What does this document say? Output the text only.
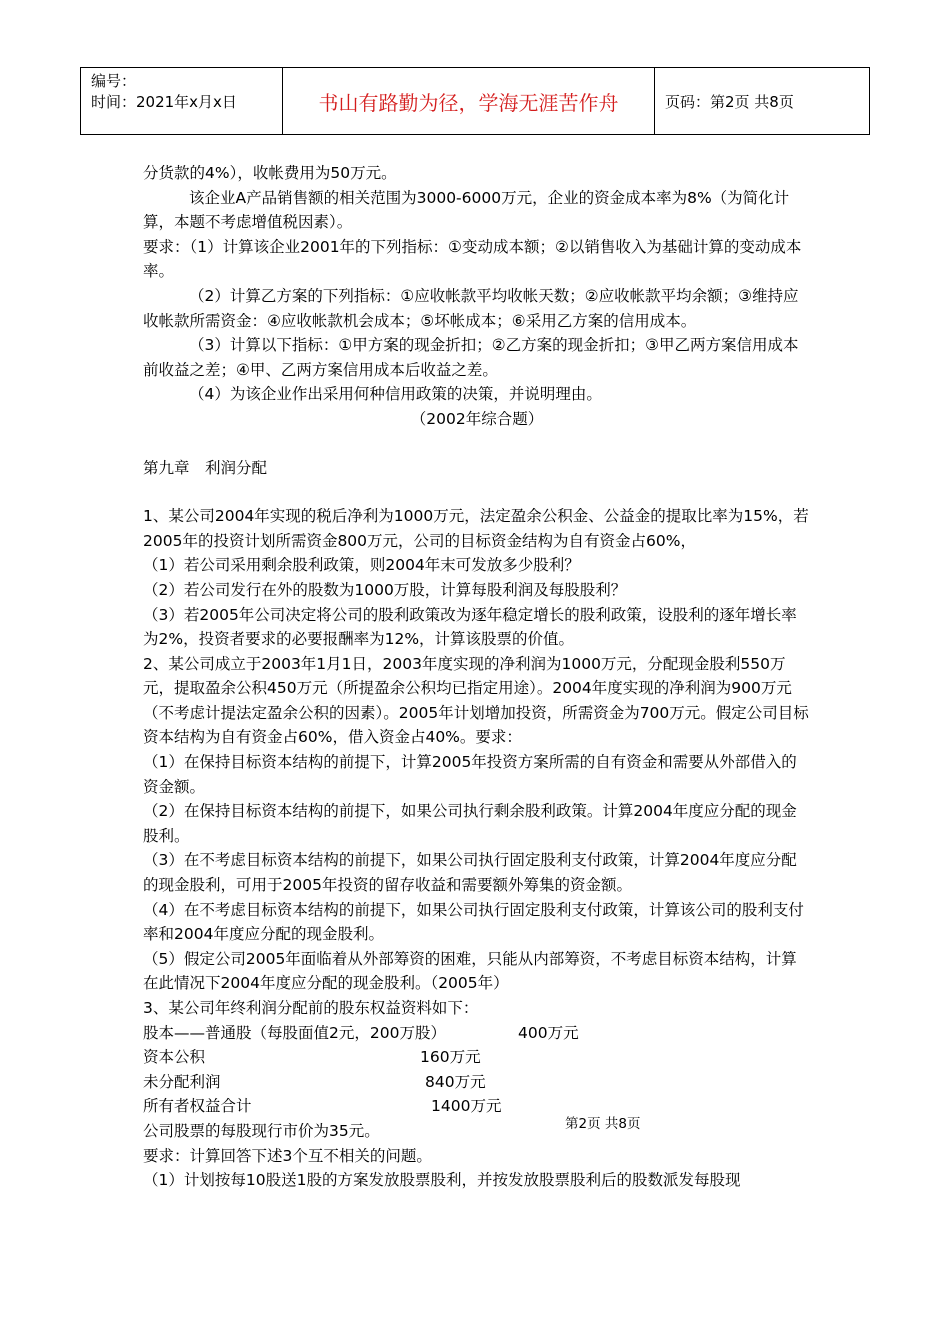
编号：
时间：2021年x月x日	书山有路勤为径，学海无涯苦作舟	页码：第2页 共8页

分货款的4%），收帐费用为50万元。

该企业A产品销售额的相关范围为3000-6000万元，企业的资金成本率为8%（为简化计算，本题不考虑增值税因素）。

要求：（1）计算该企业2001年的下列指标：①变动成本额；②以销售收入为基础计算的变动成本率。

（2）计算乙方案的下列指标：①应收帐款平均收帐天数；②应收帐款平均余额；③维持应收帐款所需资金：④应收帐款机会成本；⑤坏帐成本；⑥采用乙方案的信用成本。

（3）计算以下指标：①甲方案的现金折扣；②乙方案的现金折扣；③甲乙两方案信用成本前收益之差；④甲、乙两方案信用成本后收益之差。

（4）为该企业作出采用何种信用政策的决策，并说明理由。

（2002年综合题）

第九章　利润分配

1、某公司2004年实现的税后净利为1000万元，法定盈余公积金、公益金的提取比率为15%，若2005年的投资计划所需资金800万元，公司的目标资金结构为自有资金占60%，

（1）若公司采用剩余股利政策，则2004年末可发放多少股利？

（2）若公司发行在外的股数为1000万股，计算每股利润及每股股利？

（3）若2005年公司决定将公司的股利政策改为逐年稳定增长的股利政策，设股利的逐年增长率为2%，投资者要求的必要报酬率为12%，计算该股票的价值。

2、某公司成立于2003年1月1日，2003年度实现的净利润为1000万元，分配现金股利550万元，提取盈余公积450万元（所提盈余公积均已指定用途）。2004年度实现的净利润为900万元（不考虑计提法定盈余公积的因素）。2005年计划增加投资，所需资金为700万元。假定公司目标资本结构为自有资金占60%，借入资金占40%。要求：

（1）在保持目标资本结构的前提下，计算2005年投资方案所需的自有资金和需要从外部借入的资金额。

（2）在保持目标资本结构的前提下，如果公司执行剩余股利政策。计算2004年度应分配的现金股利。

（3）在不考虑目标资本结构的前提下，如果公司执行固定股利支付政策，计算2004年度应分配的现金股利，可用于2005年投资的留存收益和需要额外筹集的资金额。

（4）在不考虑目标资本结构的前提下，如果公司执行固定股利支付政策，计算该公司的股利支付率和2004年度应分配的现金股利。

（5）假定公司2005年面临着从外部筹资的困难，只能从内部筹资，不考虑目标资本结构，计算在此情况下2004年度应分配的现金股利。（2005年）

3、某公司年终利润分配前的股东权益资料如下：

股本——普通股（每股面值2元，200万股）	400万元
资本公积	160万元
未分配利润	840万元
所有者权益合计	1400万元

公司股票的每股现行市价为35元。

要求：计算回答下述3个互不相关的问题。

（1）计划按每10股送1股的方案发放股票股利，并按发放股票股利后的股数派发每股现

第2页 共8页
